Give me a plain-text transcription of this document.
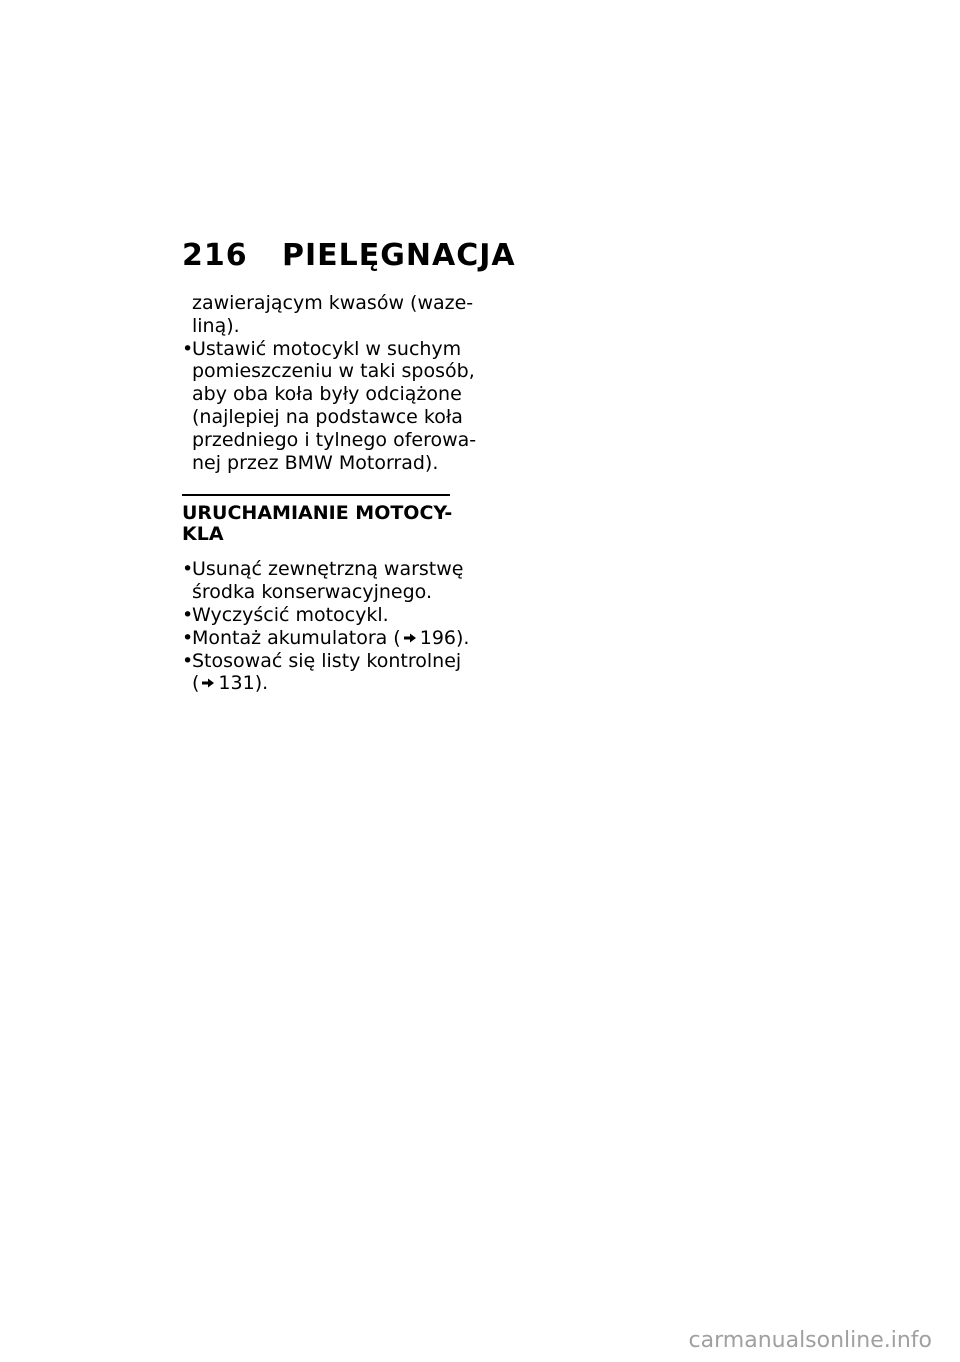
216 PIELĘGNACJA
zawierającym kwasów (waze-
liną).
•Ustawić motocykl w suchym
pomieszczeniu w taki sposób,
aby oba koła były odciążone
(najlepiej na podstawce koła
przedniego i tylnego oferowa-
nej przez BMW Motorrad).
URUCHAMIANIE MOTOCY-
KLA
•Usunąć zewnętrzną warstwę
środka konserwacyjnego.
•Wyczyścić motocykl.
•Montaż akumulatora ( 196).
•Stosować się listy kontrolnej
( 131).
carmanualsonline.info
